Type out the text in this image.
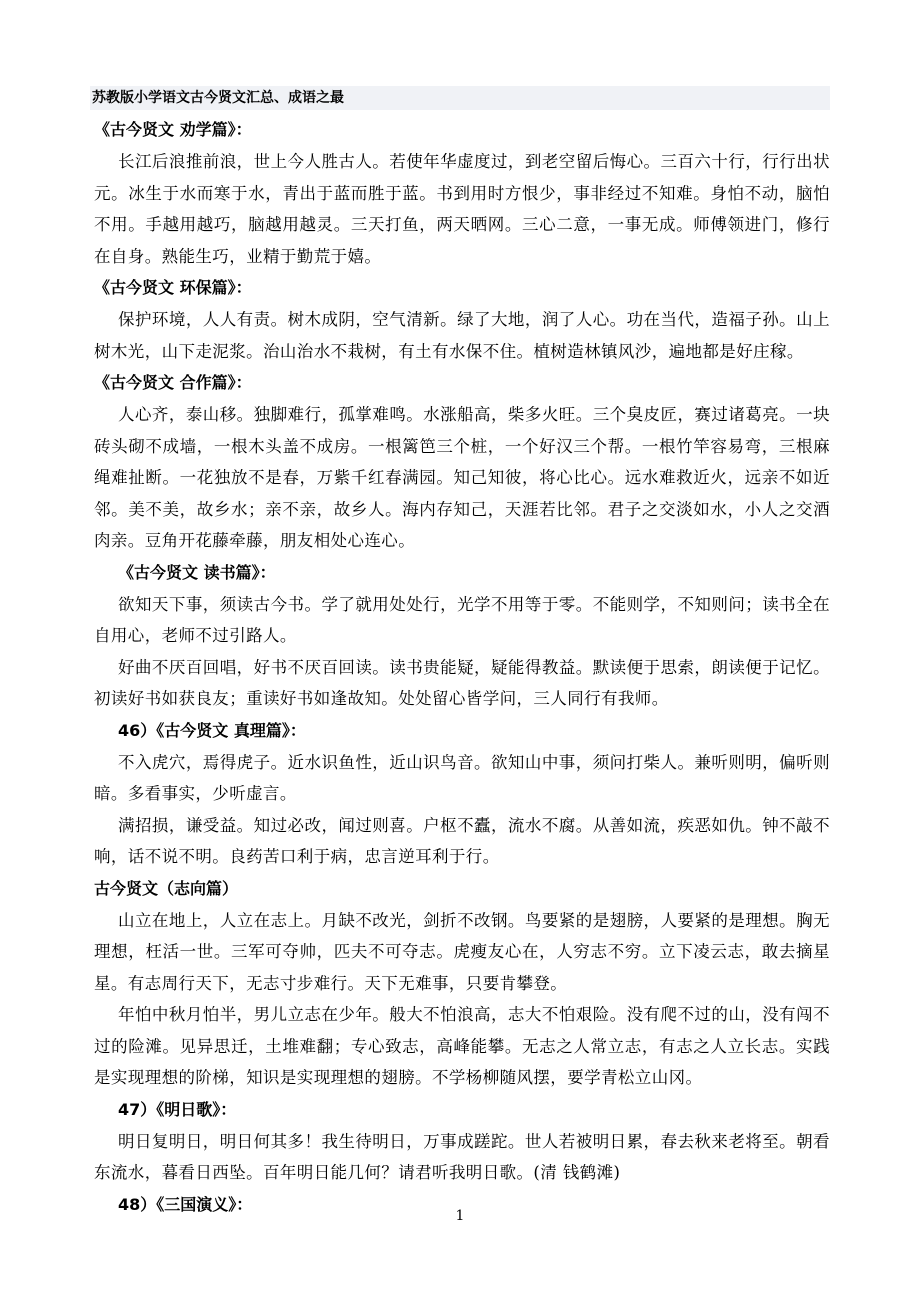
苏教版小学语文古今贤文汇总、成语之最
《古今贤文 劝学篇》：

长江后浪推前浪，世上今人胜古人。若使年华虚度过，到老空留后悔心。三百六十行，行行出状元。冰生于水而寒于水，青出于蓝而胜于蓝。书到用时方恨少，事非经过不知难。身怕不动，脑怕不用。手越用越巧，脑越用越灵。三天打鱼，两天晒网。三心二意，一事无成。师傅领进门，修行在自身。熟能生巧，业精于勤荒于嬉。

《古今贤文 环保篇》：

保护环境，人人有责。树木成阴，空气清新。绿了大地，润了人心。功在当代，造福子孙。山上树木光，山下走泥浆。治山治水不栽树，有土有水保不住。植树造林镇风沙，遍地都是好庄稼。

《古今贤文 合作篇》：

人心齐，泰山移。独脚难行，孤掌难鸣。水涨船高，柴多火旺。三个臭皮匠，赛过诸葛亮。一块砖头砌不成墙，一根木头盖不成房。一根篱笆三个桩，一个好汉三个帮。一根竹竿容易弯，三根麻绳难扯断。一花独放不是春，万紫千红春满园。知己知彼，将心比心。远水难救近火，远亲不如近邻。美不美，故乡水；亲不亲，故乡人。海内存知己，天涯若比邻。君子之交淡如水，小人之交酒肉亲。豆角开花藤牵藤，朋友相处心连心。

《古今贤文 读书篇》：

欲知天下事，须读古今书。学了就用处处行，光学不用等于零。不能则学，不知则问；读书全在自用心，老师不过引路人。

好曲不厌百回唱，好书不厌百回读。读书贵能疑，疑能得教益。默读便于思索，朗读便于记忆。初读好书如获良友；重读好书如逢故知。处处留心皆学问，三人同行有我师。

46）《古今贤文 真理篇》：

不入虎穴，焉得虎子。近水识鱼性，近山识鸟音。欲知山中事，须问打柴人。兼听则明，偏听则暗。多看事实，少听虚言。

满招损，谦受益。知过必改，闻过则喜。户枢不蠹，流水不腐。从善如流，疾恶如仇。钟不敲不响，话不说不明。良药苦口利于病，忠言逆耳利于行。

古今贤文（志向篇）

山立在地上，人立在志上。月缺不改光，剑折不改钢。鸟要紧的是翅膀，人要紧的是理想。胸无理想，枉活一世。三军可夺帅，匹夫不可夺志。虎瘦友心在，人穷志不穷。立下凌云志，敢去摘星星。有志周行天下，无志寸步难行。天下无难事，只要肯攀登。

年怕中秋月怕半，男儿立志在少年。般大不怕浪高，志大不怕艰险。没有爬不过的山，没有闯不过的险滩。见异思迁，土堆难翻；专心致志，高峰能攀。无志之人常立志，有志之人立长志。实践是实现理想的阶梯，知识是实现理想的翅膀。不学杨柳随风摆，要学青松立山冈。

47）《明日歌》：

明日复明日，明日何其多！我生待明日，万事成蹉跎。世人若被明日累，春去秋来老将至。朝看东流水，暮看日西坠。百年明日能几何？请君听我明日歌。(清 钱鹤滩)

48）《三国演义》：
1
